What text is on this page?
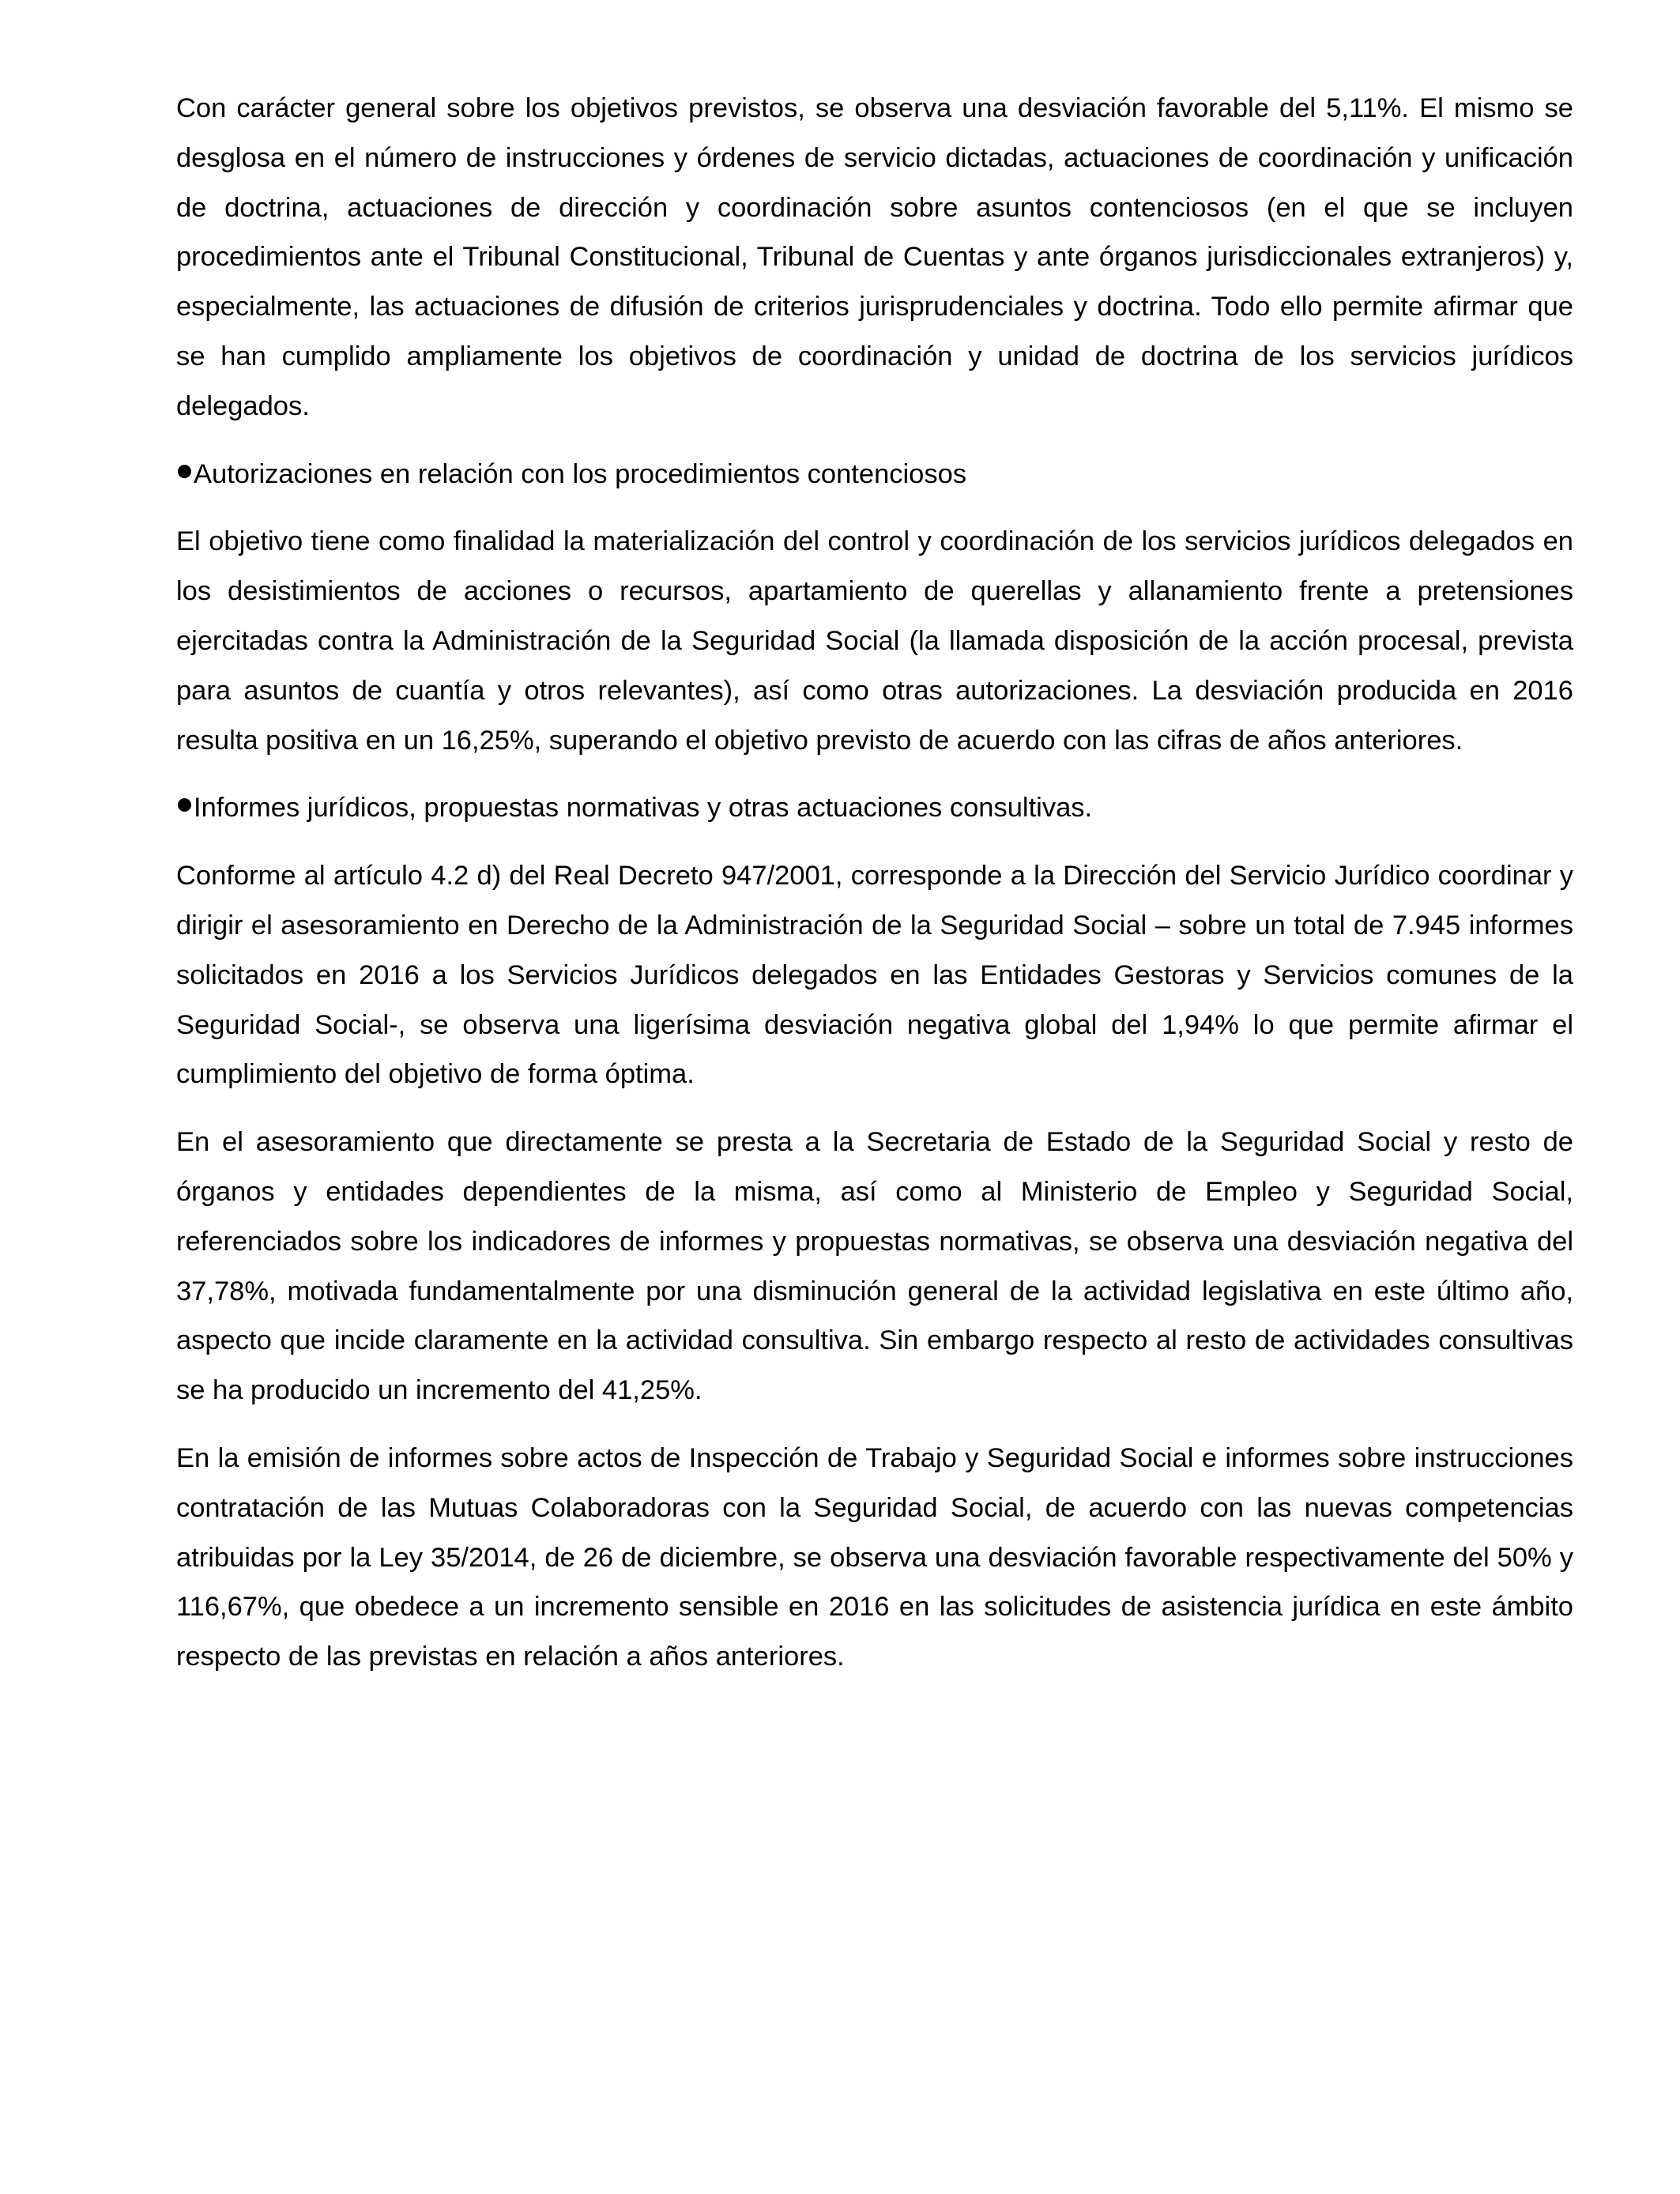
Con carácter general sobre los objetivos previstos, se observa una desviación favorable del 5,11%. El mismo se desglosa en el número de instrucciones y órdenes de servicio dictadas, actuaciones de coordinación y unificación de doctrina, actuaciones de dirección y coordinación sobre asuntos contenciosos (en el que se incluyen procedimientos ante el Tribunal Constitucional, Tribunal de Cuentas y ante órganos jurisdiccionales extranjeros) y, especialmente, las actuaciones de difusión de criterios jurisprudenciales y doctrina. Todo ello permite afirmar que se han cumplido ampliamente los objetivos de coordinación y unidad de doctrina de los servicios jurídicos delegados.

Autorizaciones en relación con los procedimientos contenciosos

El objetivo tiene como finalidad la materialización del control y coordinación de los servicios jurídicos delegados en los desistimientos de acciones o recursos, apartamiento de querellas y allanamiento frente a pretensiones ejercitadas contra la Administración de la Seguridad Social (la llamada disposición de la acción procesal, prevista para asuntos de cuantía y otros relevantes), así como otras autorizaciones. La desviación producida en 2016 resulta positiva en un 16,25%, superando el objetivo previsto de acuerdo con las cifras de años anteriores.

Informes jurídicos, propuestas normativas y otras actuaciones consultivas.

Conforme al artículo 4.2 d) del Real Decreto 947/2001, corresponde a la Dirección del Servicio Jurídico coordinar y dirigir el asesoramiento en Derecho de la Administración de la Seguridad Social – sobre un total de 7.945 informes solicitados en 2016 a los Servicios Jurídicos delegados en las Entidades Gestoras y Servicios comunes de la Seguridad Social-, se observa una ligerísima desviación negativa global del 1,94% lo que permite afirmar el cumplimiento del objetivo de forma óptima.

En el asesoramiento que directamente se presta a la Secretaria de Estado de la Seguridad Social y resto de órganos y entidades dependientes de la misma, así como al Ministerio de Empleo y Seguridad Social, referenciados sobre los indicadores de informes y propuestas normativas, se observa una desviación negativa del 37,78%, motivada fundamentalmente por una disminución general de la actividad legislativa en este último año, aspecto que incide claramente en la actividad consultiva. Sin embargo respecto al resto de actividades consultivas se ha producido un incremento del 41,25%.

En la emisión de informes sobre actos de Inspección de Trabajo y Seguridad Social e informes sobre instrucciones contratación de las Mutuas Colaboradoras con la Seguridad Social, de acuerdo con las nuevas competencias atribuidas por la Ley 35/2014, de 26 de diciembre, se observa una desviación favorable respectivamente del 50% y 116,67%, que obedece a un incremento sensible en 2016 en las solicitudes de asistencia jurídica en este ámbito respecto de las previstas en relación a años anteriores.
